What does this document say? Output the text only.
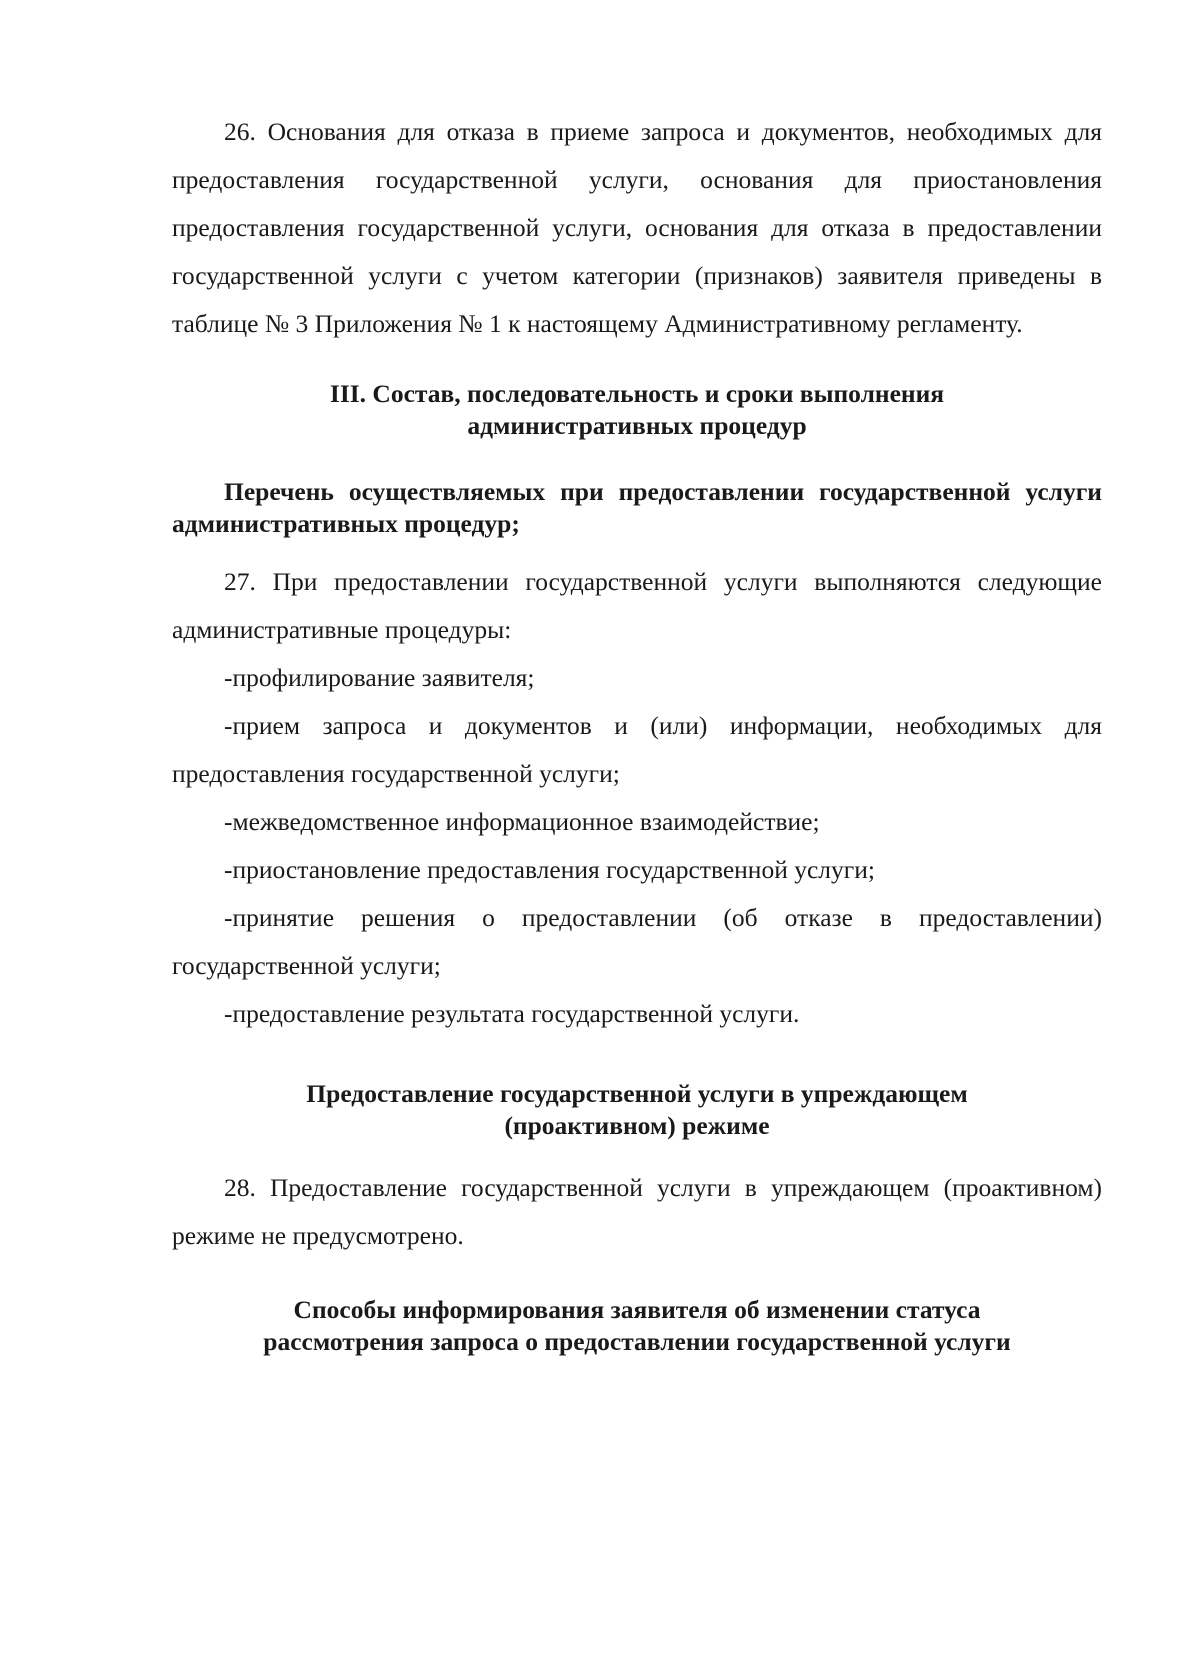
26. Основания для отказа в приеме запроса и документов, необходимых для предоставления государственной услуги, основания для приостановления предоставления государственной услуги, основания для отказа в предоставлении государственной услуги с учетом категории (признаков) заявителя приведены в таблице № 3 Приложения № 1 к настоящему Административному регламенту.

III. Состав, последовательность и сроки выполнения

административных процедур

Перечень осуществляемых при предоставлении государственной услуги административных процедур;

27. При предоставлении государственной услуги выполняются следующие административные процедуры:

-профилирование заявителя;

-прием запроса и документов и (или) информации, необходимых для предоставления государственной услуги;

-межведомственное информационное взаимодействие;

-приостановление предоставления государственной услуги;

-принятие решения о предоставлении (об отказе в предоставлении) государственной услуги;

-предоставление результата государственной услуги.

Предоставление государственной услуги в упреждающем

(проактивном) режиме

28. Предоставление государственной услуги в упреждающем (проактивном) режиме не предусмотрено.

Способы информирования заявителя об изменении статуса

рассмотрения запроса о предоставлении государственной услуги
